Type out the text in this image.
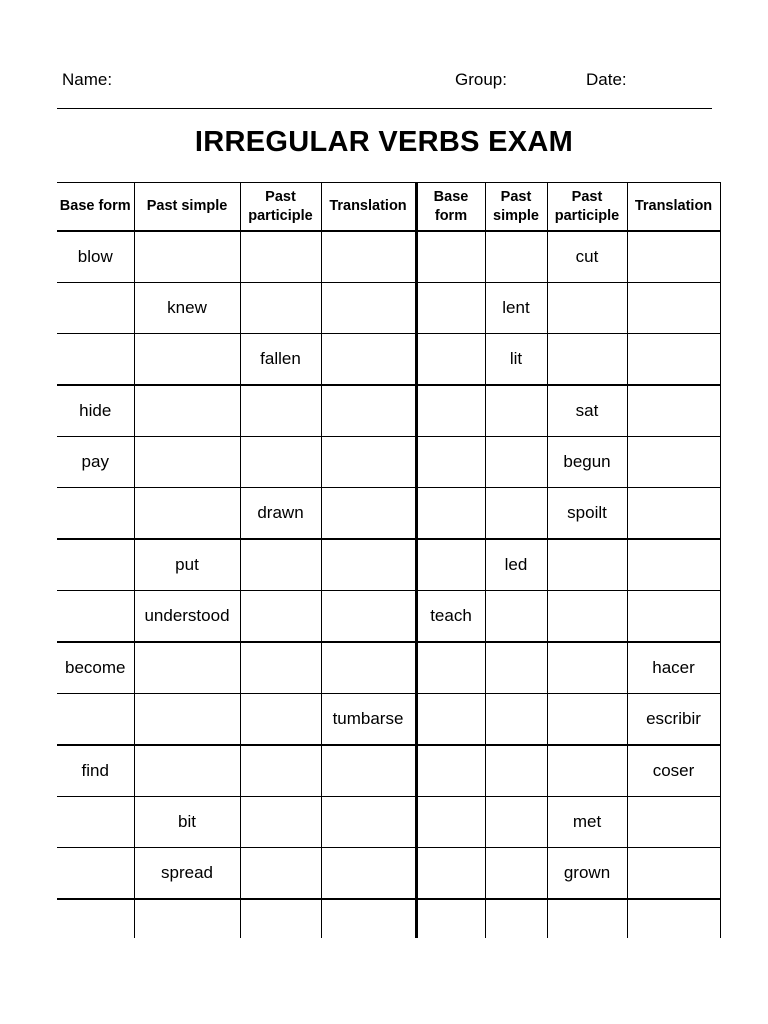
Name:	Group:	Date:
IRREGULAR VERBS EXAM
Base form	Past simple	Past participle	Translation	Base form	Past simple	Past participle	Translation
blow						cut	
	knew				lent		
		fallen			lit		
hide						sat	
pay						begun	
		drawn				spoilt	
	put				led		
	understood			teach			
become							hacer
			tumbarse				escribir
find							coser
	bit					met	
	spread					grown	
